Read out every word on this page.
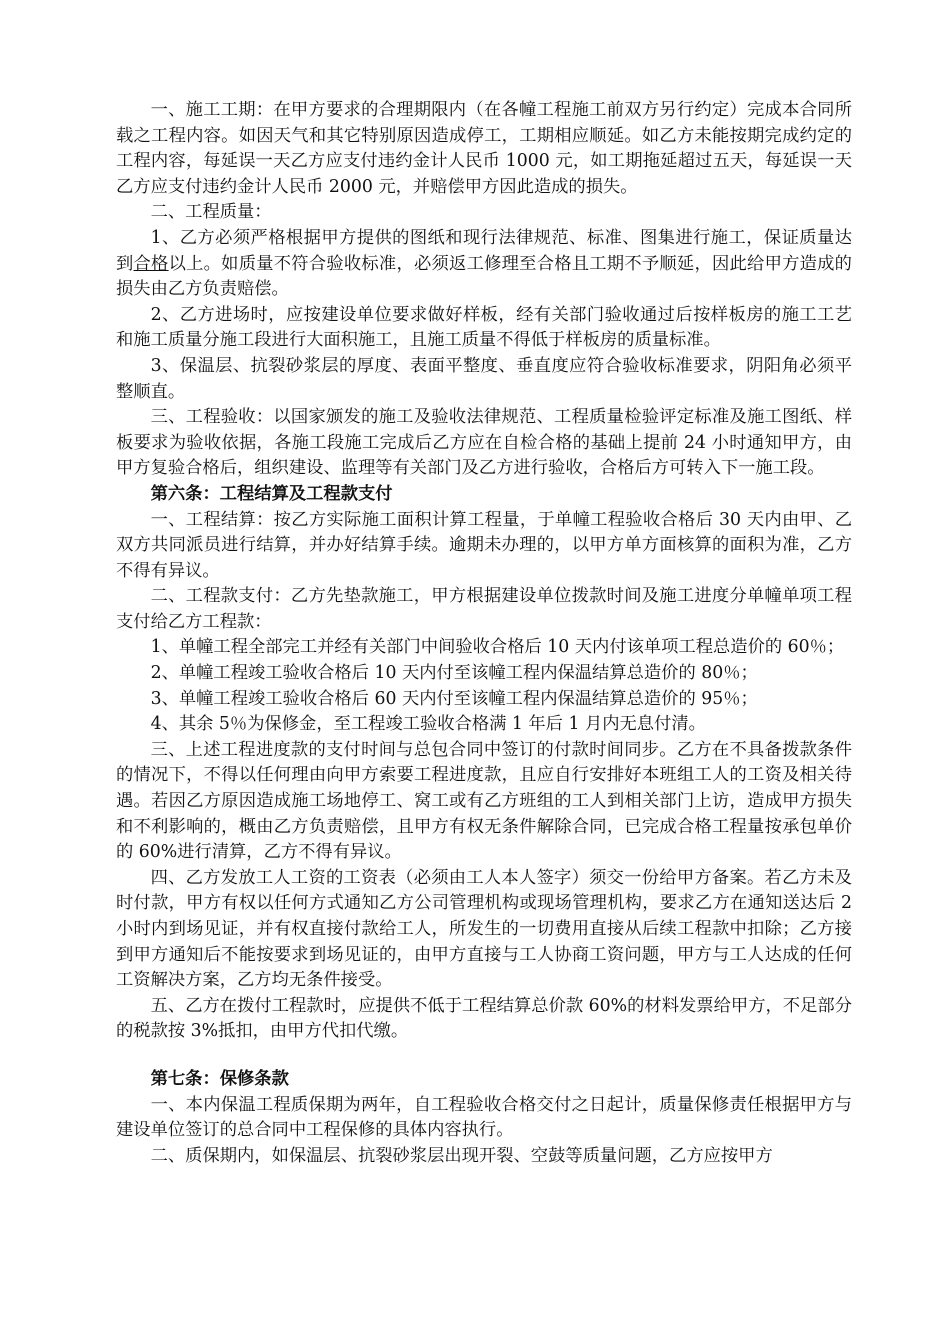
一、施工工期：在甲方要求的合理期限内（在各幢工程施工前双方另行约定）完成本合同所载之工程内容。如因天气和其它特别原因造成停工，工期相应顺延。如乙方未能按期完成约定的工程内容，每延误一天乙方应支付违约金计人民币 1000 元，如工期拖延超过五天，每延误一天乙方应支付违约金计人民币 2000 元，并赔偿甲方因此造成的损失。

二、工程质量：

1、乙方必须严格根据甲方提供的图纸和现行法律规范、标准、图集进行施工，保证质量达到合格以上。如质量不符合验收标准，必须返工修理至合格且工期不予顺延，因此给甲方造成的损失由乙方负责赔偿。

2、乙方进场时，应按建设单位要求做好样板，经有关部门验收通过后按样板房的施工工艺和施工质量分施工段进行大面积施工，且施工质量不得低于样板房的质量标准。

3、保温层、抗裂砂浆层的厚度、表面平整度、垂直度应符合验收标准要求，阴阳角必须平整顺直。

三、工程验收：以国家颁发的施工及验收法律规范、工程质量检验评定标准及施工图纸、样板要求为验收依据，各施工段施工完成后乙方应在自检合格的基础上提前 24 小时通知甲方，由甲方复验合格后，组织建设、监理等有关部门及乙方进行验收，合格后方可转入下一施工段。

第六条：工程结算及工程款支付

一、工程结算：按乙方实际施工面积计算工程量，于单幢工程验收合格后 30 天内由甲、乙双方共同派员进行结算，并办好结算手续。逾期未办理的，以甲方单方面核算的面积为准，乙方不得有异议。

二、工程款支付：乙方先垫款施工，甲方根据建设单位拨款时间及施工进度分单幢单项工程支付给乙方工程款：

1、单幢工程全部完工并经有关部门中间验收合格后 10 天内付该单项工程总造价的 60％；

2、单幢工程竣工验收合格后 10 天内付至该幢工程内保温结算总造价的 80％；

3、单幢工程竣工验收合格后 60 天内付至该幢工程内保温结算总造价的 95％；

4、其余 5％为保修金，至工程竣工验收合格满 1 年后 1 月内无息付清。

三、上述工程进度款的支付时间与总包合同中签订的付款时间同步。乙方在不具备拨款条件的情况下，不得以任何理由向甲方索要工程进度款，且应自行安排好本班组工人的工资及相关待遇。若因乙方原因造成施工场地停工、窝工或有乙方班组的工人到相关部门上访，造成甲方损失和不利影响的，概由乙方负责赔偿，且甲方有权无条件解除合同，已完成合格工程量按承包单价的 60%进行清算，乙方不得有异议。

四、乙方发放工人工资的工资表（必须由工人本人签字）须交一份给甲方备案。若乙方未及时付款，甲方有权以任何方式通知乙方公司管理机构或现场管理机构，要求乙方在通知送达后 2 小时内到场见证，并有权直接付款给工人，所发生的一切费用直接从后续工程款中扣除；乙方接到甲方通知后不能按要求到场见证的，由甲方直接与工人协商工资问题，甲方与工人达成的任何工资解决方案，乙方均无条件接受。

五、乙方在拨付工程款时，应提供不低于工程结算总价款 60%的材料发票给甲方，不足部分的税款按 3%抵扣，由甲方代扣代缴。

第七条：保修条款

一、本内保温工程质保期为两年，自工程验收合格交付之日起计，质量保修责任根据甲方与建设单位签订的总合同中工程保修的具体内容执行。

二、质保期内，如保温层、抗裂砂浆层出现开裂、空鼓等质量问题，乙方应按甲方
